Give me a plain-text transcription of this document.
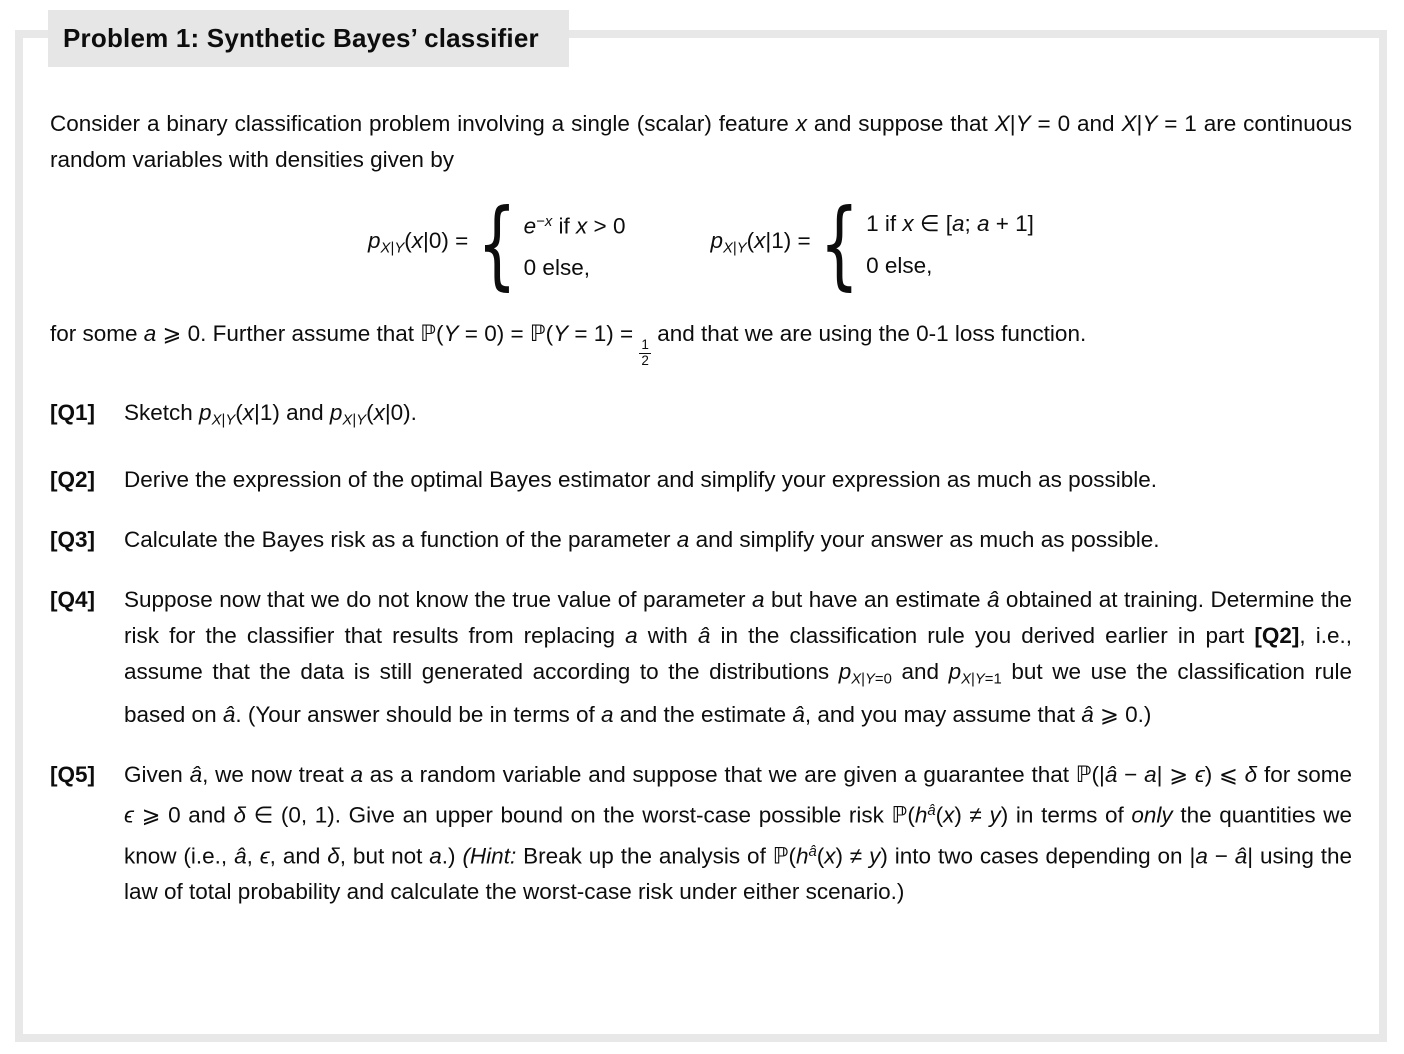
Problem 1: Synthetic Bayes’ classifier
Consider a binary classification problem involving a single (scalar) feature x and suppose that X|Y = 0 and X|Y = 1 are continuous random variables with densities given by
pX|Y(x|0) = { $e^{-x}$ if x > 0
0 else,
pX|Y(x|1) = { 1 if x ∈ [a; a + 1]
0 else,
for some a ⩾ 0. Further assume that ℙ(Y = 0) = ℙ(Y = 1) =
$\frac{1}{2}$
and that we are using the 0-1 loss function.
[Q1]	Sketch pX|Y(x|1) and pX|Y(x|0).
[Q2]	Derive the expression of the optimal Bayes estimator and simplify your expression as much as possible.
[Q3]	Calculate the Bayes risk as a function of the parameter a and simplify your answer as much as possible.
[Q4]	Suppose now that we do not know the true value of parameter a but have an estimate â obtained at training. Determine the risk for the classifier that results from replacing a with â in the classification rule you derived earlier in part [Q2], i.e., assume that the data is still generated according to the distributions pX|Y=0 and pX|Y=1 but we use the classification rule based on â. (Your answer should be in terms of a and the estimate â, and you may assume that â ⩾ 0.)
[Q5]	Given â, we now treat a as a random variable and suppose that we are given a guarantee that ℙ(|â − a| ⩾ ϵ) ⩽ δ for some ϵ ⩾ 0 and δ ∈ (0, 1). Give an upper bound on the worst-case possible risk $ℙ(h^â(x) \ne y)$ in terms of only the quantities we know (i.e., â, ϵ, and δ, but not a.) (Hint: Break up the analysis of $ℙ(h^â(x) \ne y)$ into two cases depending on |a − â| using the law of total probability and calculate the worst-case risk under either scenario.)
